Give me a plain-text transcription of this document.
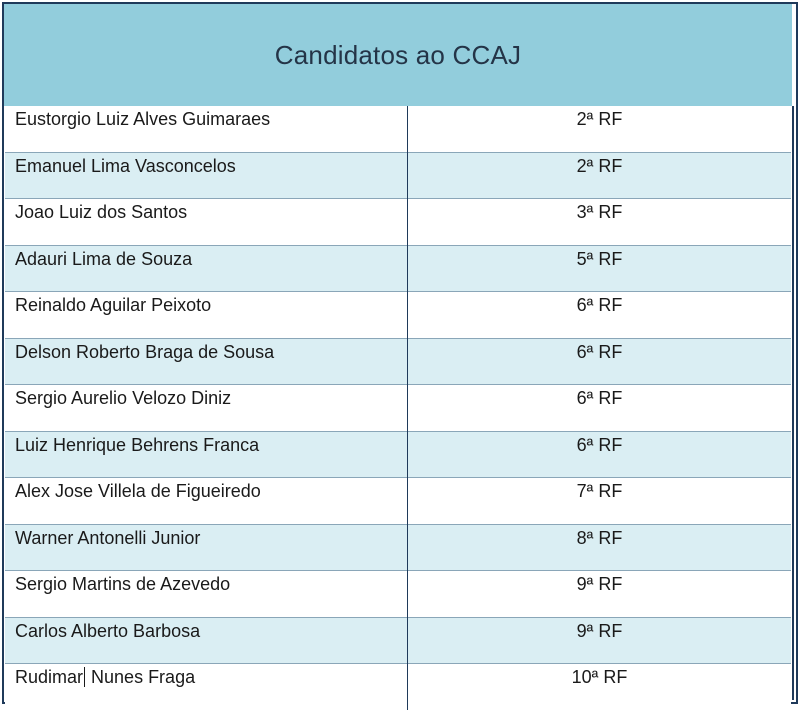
Candidatos ao CCAJ
Eustorgio Luiz Alves Guimaraes	2ª RF
Emanuel Lima Vasconcelos	2ª RF
Joao Luiz dos Santos	3ª RF
Adauri Lima de Souza	5ª RF
Reinaldo Aguilar Peixoto	6ª RF
Delson Roberto Braga de Sousa	6ª RF
Sergio Aurelio Velozo Diniz	6ª RF
Luiz Henrique Behrens Franca	6ª RF
Alex Jose Villela de Figueiredo	7ª RF
Warner Antonelli Junior	8ª RF
Sergio Martins de Azevedo	9ª RF
Carlos Alberto Barbosa	9ª RF
Rudimar Nunes Fraga	10ª RF
